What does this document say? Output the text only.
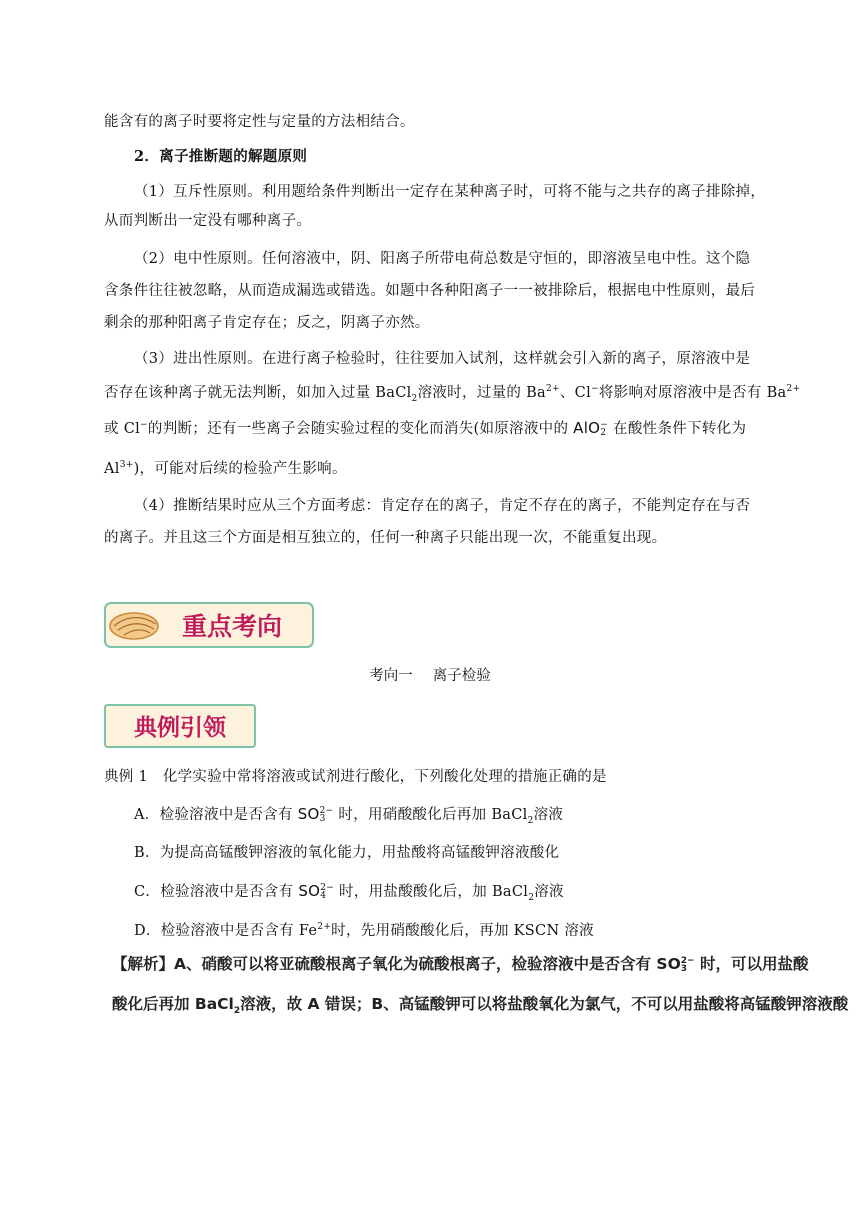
能含有的离子时要将定性与定量的方法相结合。
2．离子推断题的解题原则
（1）互斥性原则。利用题给条件判断出一定存在某种离子时，可将不能与之共存的离子排除掉，
从而判断出一定没有哪种离子。
（2）电中性原则。任何溶液中，阴、阳离子所带电荷总数是守恒的，即溶液呈电中性。这个隐
含条件往往被忽略，从而造成漏选或错选。如题中各种阳离子一一被排除后，根据电中性原则，最后
剩余的那种阳离子肯定存在；反之，阴离子亦然。
（3）进出性原则。在进行离子检验时，往往要加入试剂，这样就会引入新的离子，原溶液中是
否存在该种离子就无法判断，如加入过量 BaCl$_2$溶液时，过量的 $Ba^{2+}$、Cl−将影响对原溶液中是否有 $Ba^{2+}$
或 Cl−的判断；还有一些离子会随实验过程的变化而消失(如原溶液中的 AlO −
2 在酸性条件下转化为
$Al^{3+}$)，可能对后续的检验产生影响。
（4）推断结果时应从三个方面考虑：肯定存在的离子，肯定不存在的离子，不能判定存在与否
的离子。并且这三个方面是相互独立的，任何一种离子只能出现一次，不能重复出现。
重点考向
考向一 离子检验
典例引领
典例 1　化学实验中常将溶液或试剂进行酸化，下列酸化处理的措施正确的是
A．检验溶液中是否含有 SO 2−
3 时，用硝酸酸化后再加 BaCl$_2$溶液
B．为提高高锰酸钾溶液的氧化能力，用盐酸将高锰酸钾溶液酸化
C．检验溶液中是否含有 SO 2−
4 时，用盐酸酸化后，加 BaCl$_2$溶液
D．检验溶液中是否含有 $Fe^{2+}$时，先用硝酸酸化后，再加 KSCN 溶液
【解析】A、硝酸可以将亚硫酸根离子氧化为硫酸根离子，检验溶液中是否含有 SO 2−
3 时，可以用盐酸
酸化后再加 BaCl$_2$溶液，故 A 错误；B、高锰酸钾可以将盐酸氧化为氯气，不可以用盐酸将高锰酸钾溶液酸
